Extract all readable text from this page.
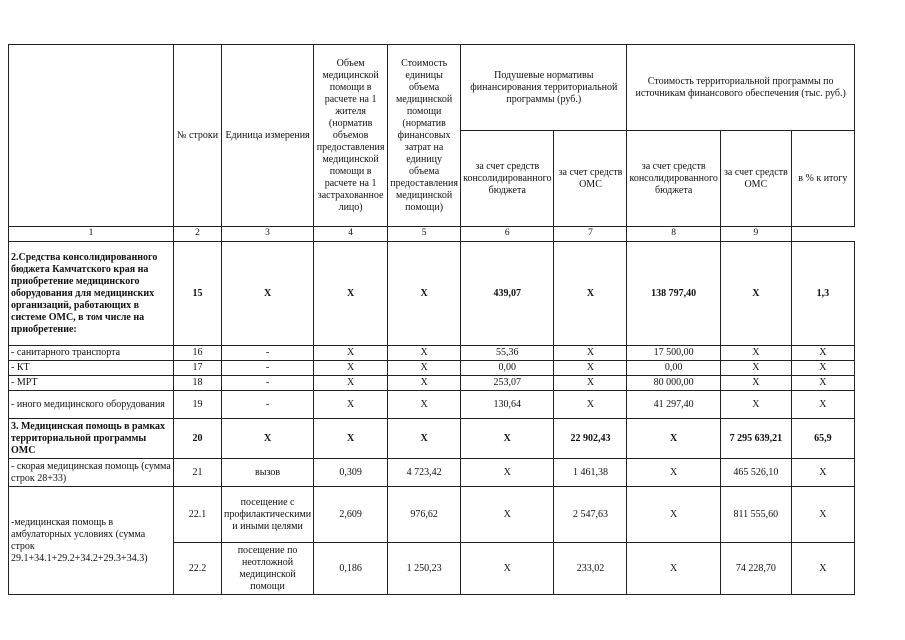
	№ строки	Единица измерения	Объем медицинской помощи в расчете на 1 жителя (норматив объемов предоставления медицинской помощи в расчете на 1 застрахованное лицо)	Стоимость единицы объема медицинской помощи (норматив финансовых затрат на единицу объема предоставления медицинской помощи)	Подушевые нормативы финансирования территориальной программы (руб.)		Стоимость территориальной программы по источникам финансового обеспечения (тыс. руб.)		
					за счет средств консолидированного бюджета	за счет средств ОМС	за счет средств консолидированного бюджета	за счет средств ОМС	в % к итогу
1	2	3	4	5	6	7	8	9	
2.Средства консолидированного бюджета Камчатского края на приобретение медицинского оборудования для медицинских организаций, работающих в системе ОМС, в том числе на приобретение:	15	Х	Х	Х	439,07	Х	138 797,40	Х	1,3
- санитарного транспорта	16	-	Х	Х	55,36	Х	17 500,00	Х	Х
- КТ	17	-	Х	Х	0,00	Х	0,00	Х	Х
- МРТ	18	-	Х	Х	253,07	Х	80 000,00	Х	Х
- иного медицинского оборудования	19	-	Х	Х	130,64	Х	41 297,40	Х	Х
3. Медицинская помощь в рамках территориальной программы ОМС	20	Х	Х	Х	Х	22 902,43	Х	7 295 639,21	65,9
- скорая медицинская помощь (сумма строк 28+33)	21	вызов	0,309	4 723,42	Х	1 461,38	Х	465 526,10	Х
-медицинская помощь в амбулаторных условиях (сумма строк 29.1+34.1+29.2+34.2+29.3+34.3)	22.1	посещение с профилактическими и иными целями	2,609	976,62	Х	2 547,63	Х	811 555,60	Х
	22.2	посещение по неотложной медицинской помощи	0,186	1 250,23	Х	233,02	Х	74 228,70	Х
